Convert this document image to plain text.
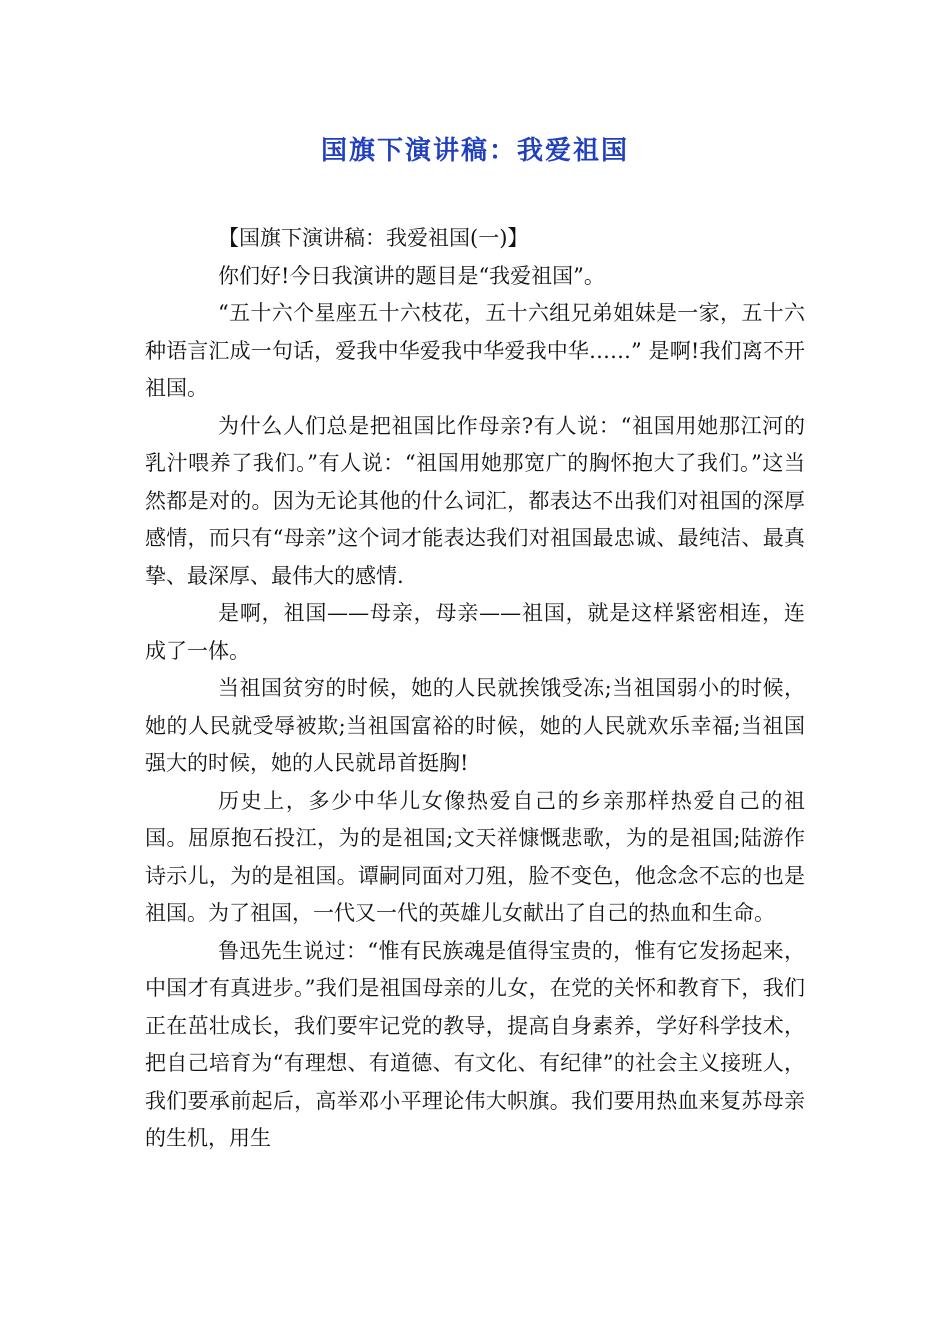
国旗下演讲稿：我爱祖国

【国旗下演讲稿：我爱祖国(一)】

你们好!今日我演讲的题目是“我爱祖国”。

“五十六个星座五十六枝花，五十六组兄弟姐妹是一家，五十六种语言汇成一句话，爱我中华爱我中华爱我中华……” 是啊!我们离不开祖国。

为什么人们总是把祖国比作母亲?有人说：“祖国用她那江河的乳汁喂养了我们。”有人说：“祖国用她那宽广的胸怀抱大了我们。”这当然都是对的。因为无论其他的什么词汇，都表达不出我们对祖国的深厚感情，而只有“母亲”这个词才能表达我们对祖国最忠诚、最纯洁、最真挚、最深厚、最伟大的感情.

是啊，祖国——母亲，母亲——祖国，就是这样紧密相连，连成了一体。

当祖国贫穷的时候，她的人民就挨饿受冻;当祖国弱小的时候，她的人民就受辱被欺;当祖国富裕的时候，她的人民就欢乐幸福;当祖国强大的时候，她的人民就昂首挺胸!

历史上，多少中华儿女像热爱自己的乡亲那样热爱自己的祖国。屈原抱石投江，为的是祖国;文天祥慷慨悲歌，为的是祖国;陆游作诗示儿，为的是祖国。谭嗣同面对刀殂，脸不变色，他念念不忘的也是祖国。为了祖国，一代又一代的英雄儿女献出了自己的热血和生命。

鲁迅先生说过：“惟有民族魂是值得宝贵的，惟有它发扬起来，中国才有真进步。”我们是祖国母亲的儿女，在党的关怀和教育下，我们正在茁壮成长，我们要牢记党的教导，提高自身素养，学好科学技术，把自己培育为“有理想、有道德、有文化、有纪律”的社会主义接班人，我们要承前起后，高举邓小平理论伟大帜旗。我们要用热血来复苏母亲的生机，用生
